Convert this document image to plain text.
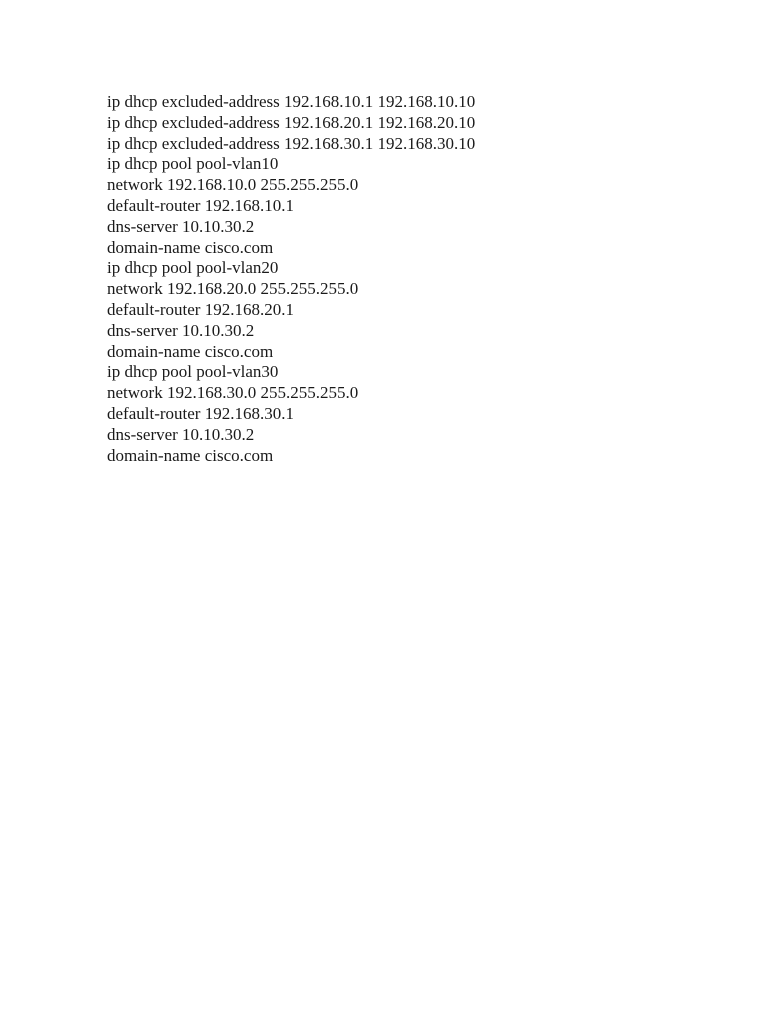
ip dhcp excluded-address 192.168.10.1 192.168.10.10
ip dhcp excluded-address 192.168.20.1 192.168.20.10
ip dhcp excluded-address 192.168.30.1 192.168.30.10
ip dhcp pool pool-vlan10
network 192.168.10.0 255.255.255.0
default-router 192.168.10.1
dns-server 10.10.30.2
domain-name cisco.com
ip dhcp pool pool-vlan20
network 192.168.20.0 255.255.255.0
default-router 192.168.20.1
dns-server 10.10.30.2
domain-name cisco.com
ip dhcp pool pool-vlan30
network 192.168.30.0 255.255.255.0
default-router 192.168.30.1
dns-server 10.10.30.2
domain-name cisco.com
